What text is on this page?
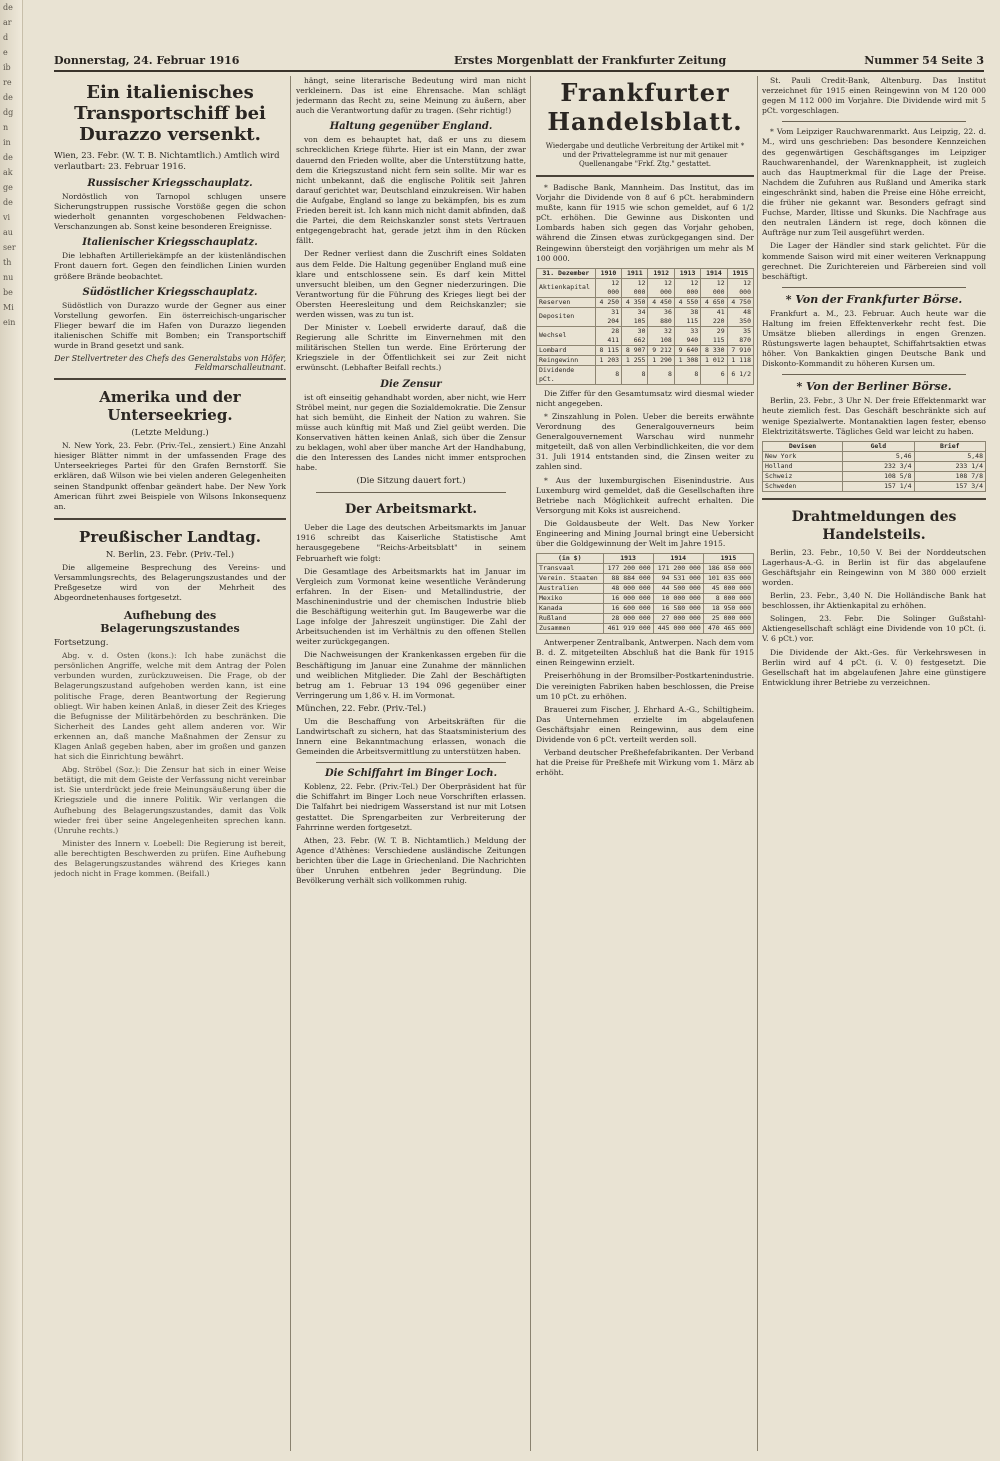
de
ar
d
e
ib
re
de
dg
n
in
de
ak
ge
de
vi
au
ser
th
nu
be
Mi
ein
Donnerstag, 24. Februar 1916	Erstes Morgenblatt der Frankfurter Zeitung	Nummer 54 Seite 3
Ein italienisches Transportschiff bei Durazzo versenkt.
Wien, 23. Febr. (W. T. B. Nichtamtlich.) Amtlich wird verlautbart: 23. Februar 1916.
Russischer Kriegsschauplatz.

Nordöstlich von Tarnopol schlugen unsere Sicherungstruppen russische Vorstöße gegen die schon wiederholt genannten vorgeschobenen Feldwachen-Verschanzungen ab. Sonst keine besonderen Ereignisse.

Italienischer Kriegsschauplatz.

Die lebhaften Artilleriekämpfe an der küstenländischen Front dauern fort. Gegen den feindlichen Linien wurden größere Brände beobachtet.

Südöstlicher Kriegsschauplatz.

Südöstlich von Durazzo wurde der Gegner aus einer Vorstellung geworfen. Ein österreichisch-ungarischer Flieger bewarf die im Hafen von Durazzo liegenden italienischen Schiffe mit Bomben; ein Transportschiff wurde in Brand gesetzt und sank.

Der Stellvertreter des Chefs des Generalstabs von Höfer, Feldmarschalleutnant.
Amerika und der Unterseekrieg.
(Letzte Meldung.)

N. New York, 23. Febr. (Priv.-Tel., zensiert.) Eine Anzahl hiesiger Blätter nimmt in der umfassenden Frage des Unterseekrieges Partei für den Grafen Bernstorff. Sie erklären, daß Wilson wie bei vielen anderen Gelegenheiten seinen Standpunkt offenbar geändert habe. Der New York American führt zwei Beispiele von Wilsons Inkonsequenz an.

Preußischer Landtag.
N. Berlin, 23. Febr. (Priv.-Tel.)

Die allgemeine Besprechung des Vereins- und Versammlungsrechts, des Belagerungszustandes und der Preßgesetze wird von der Mehrheit des Abgeordnetenhauses fortgesetzt.

Aufhebung des Belagerungszustandes
Fortsetzung.

Abg. v. d. Osten (kons.): Ich habe zunächst die persönlichen Angriffe, welche mit dem Antrag der Polen verbunden wurden, zurückzuweisen. Die Frage, ob der Belagerungszustand aufgehoben werden kann, ist eine politische Frage, deren Beantwortung der Regierung obliegt. Wir haben keinen Anlaß, in dieser Zeit des Krieges die Befugnisse der Militärbehörden zu beschränken. Die Sicherheit des Landes geht allem anderen vor. Wir erkennen an, daß manche Maßnahmen der Zensur zu Klagen Anlaß gegeben haben, aber im großen und ganzen hat sich die Einrichtung bewährt.

Abg. Ströbel (Soz.): Die Zensur hat sich in einer Weise betätigt, die mit dem Geiste der Verfassung nicht vereinbar ist. Sie unterdrückt jede freie Meinungsäußerung über die Kriegsziele und die innere Politik. Wir verlangen die Aufhebung des Belagerungszustandes, damit das Volk wieder frei über seine Angelegenheiten sprechen kann. (Unruhe rechts.)

Minister des Innern v. Loebell: Die Regierung ist bereit, alle berechtigten Beschwerden zu prüfen. Eine Aufhebung des Belagerungszustandes während des Krieges kann jedoch nicht in Frage kommen. (Beifall.)

hängt, seine literarische Bedeutung wird man nicht verkleinern. Das ist eine Ehrensache. Man schlägt jedermann das Recht zu, seine Meinung zu äußern, aber auch die Verantwortung dafür zu tragen. (Sehr richtig!)

Haltung gegenüber England.

von dem es behauptet hat, daß er uns zu diesem schrecklichen Kriege führte. Hier ist ein Mann, der zwar dauernd den Frieden wollte, aber die Unterstützung hatte, dem die Kriegszustand nicht fern sein sollte. Mir war es nicht unbekannt, daß die englische Politik seit Jahren darauf gerichtet war, Deutschland einzukreisen. Wir haben die Aufgabe, England so lange zu bekämpfen, bis es zum Frieden bereit ist. Ich kann mich nicht damit abfinden, daß die Partei, die dem Reichskanzler sonst stets Vertrauen entgegengebracht hat, gerade jetzt ihm in den Rücken fällt.

Der Redner verliest dann die Zuschrift eines Soldaten aus dem Felde. Die Haltung gegenüber England muß eine klare und entschlossene sein. Es darf kein Mittel unversucht bleiben, um den Gegner niederzuringen. Die Verantwortung für die Führung des Krieges liegt bei der Obersten Heeresleitung und dem Reichskanzler; sie werden wissen, was zu tun ist.

Der Minister v. Loebell erwiderte darauf, daß die Regierung alle Schritte im Einvernehmen mit den militärischen Stellen tun werde. Eine Erörterung der Kriegsziele in der Öffentlichkeit sei zur Zeit nicht erwünscht. (Lebhafter Beifall rechts.)

Die Zensur

ist oft einseitig gehandhabt worden, aber nicht, wie Herr Ströbel meint, nur gegen die Sozialdemokratie. Die Zensur hat sich bemüht, die Einheit der Nation zu wahren. Sie müsse auch künftig mit Maß und Ziel geübt werden. Die Konservativen hätten keinen Anlaß, sich über die Zensur zu beklagen, wohl aber über manche Art der Handhabung, die den Interessen des Landes nicht immer entsprochen habe.

(Die Sitzung dauert fort.)
Der Arbeitsmarkt.

Ueber die Lage des deutschen Arbeitsmarkts im Januar 1916 schreibt das Kaiserliche Statistische Amt herausgegebene "Reichs-Arbeitsblatt" in seinem Februarheft wie folgt:

Die Gesamtlage des Arbeitsmarkts hat im Januar im Vergleich zum Vormonat keine wesentliche Veränderung erfahren. In der Eisen- und Metallindustrie, der Maschinenindustrie und der chemischen Industrie blieb die Beschäftigung weiterhin gut. Im Baugewerbe war die Lage infolge der Jahreszeit ungünstiger. Die Zahl der Arbeitsuchenden ist im Verhältnis zu den offenen Stellen weiter zurückgegangen.

Die Nachweisungen der Krankenkassen ergeben für die Beschäftigung im Januar eine Zunahme der männlichen und weiblichen Mitglieder. Die Zahl der Beschäftigten betrug am 1. Februar 13 194 096 gegenüber einer Verringerung um 1,86 v. H. im Vormonat.

München, 22. Febr. (Priv.-Tel.)

Um die Beschaffung von Arbeitskräften für die Landwirtschaft zu sichern, hat das Staatsministerium des Innern eine Bekanntmachung erlassen, wonach die Gemeinden die Arbeitsvermittlung zu unterstützen haben.

Die Schiffahrt im Binger Loch.

Koblenz, 22. Febr. (Priv.-Tel.) Der Oberpräsident hat für die Schiffahrt im Binger Loch neue Vorschriften erlassen. Die Talfahrt bei niedrigem Wasserstand ist nur mit Lotsen gestattet. Die Sprengarbeiten zur Verbreiterung der Fahrrinne werden fortgesetzt.

Athen, 23. Febr. (W. T. B. Nichtamtlich.) Meldung der Agence d'Athènes: Verschiedene ausländische Zeitungen berichten über die Lage in Griechenland. Die Nachrichten über Unruhen entbehren jeder Begründung. Die Bevölkerung verhält sich vollkommen ruhig.

Frankfurter Handelsblatt.
Wiedergabe und deutliche Verbreitung der Artikel mit * und der Privattelegramme ist nur mit genauer Quellenangabe "Frkf. Ztg." gestattet.

* Badische Bank, Mannheim. Das Institut, das im Vorjahr die Dividende von 8 auf 6 pCt. herabmindern mußte, kann für 1915 wie schon gemeldet, auf 6 1/2 pCt. erhöhen. Die Gewinne aus Diskonten und Lombards haben sich gegen das Vorjahr gehoben, während die Zinsen etwas zurückgegangen sind. Der Reingewinn übersteigt den vorjährigen um mehr als M 100 000.

31. Dezember	1910	1911	1912	1913	1914	1915
Aktienkapital	12 000	12 000	12 000	12 000	12 000	12 000
Reserven	4 250	4 350	4 450	4 550	4 650	4 750
Depositen	31 204	34 105	36 880	38 115	41 220	48 350
Wechsel	28 411	30 662	32 108	33 940	29 115	35 870
Lombard	8 115	8 907	9 212	9 640	8 330	7 910
Reingewinn	1 203	1 255	1 290	1 308	1 012	1 118
Dividende pCt.	8	8	8	8	6	6 1/2

Die Ziffer für den Gesamtumsatz wird diesmal wieder nicht angegeben.

* Zinszahlung in Polen. Ueber die bereits erwähnte Verordnung des Generalgouverneurs beim Generalgouvernement Warschau wird nunmehr mitgeteilt, daß von allen Verbindlichkeiten, die vor dem 31. Juli 1914 entstanden sind, die Zinsen weiter zu zahlen sind.

* Aus der luxemburgischen Eisenindustrie. Aus Luxemburg wird gemeldet, daß die Gesellschaften ihre Betriebe nach Möglichkeit aufrecht erhalten. Die Versorgung mit Koks ist ausreichend.

Die Goldausbeute der Welt. Das New Yorker Engineering and Mining Journal bringt eine Uebersicht über die Goldgewinnung der Welt im Jahre 1915.

(in $)	1913	1914	1915
Transvaal	177 200 000	171 200 000	186 850 000
Verein. Staaten	88 884 000	94 531 000	101 035 000
Australien	48 000 000	44 500 000	45 000 000
Mexiko	16 000 000	10 000 000	8 000 000
Kanada	16 600 000	16 580 000	18 950 000
Rußland	28 000 000	27 000 000	25 000 000
Zusammen	461 919 000	445 000 000	470 465 000

Antwerpener Zentralbank, Antwerpen. Nach dem vom B. d. Z. mitgeteilten Abschluß hat die Bank für 1915 einen Reingewinn erzielt.

Preiserhöhung in der Bromsilber-Postkartenindustrie. Die vereinigten Fabriken haben beschlossen, die Preise um 10 pCt. zu erhöhen.

Brauerei zum Fischer, J. Ehrhard A.-G., Schiltigheim. Das Unternehmen erzielte im abgelaufenen Geschäftsjahr einen Reingewinn, aus dem eine Dividende von 6 pCt. verteilt werden soll.

Verband deutscher Preßhefefabrikanten. Der Verband hat die Preise für Preßhefe mit Wirkung vom 1. März ab erhöht.

St. Pauli Credit-Bank, Altenburg. Das Institut verzeichnet für 1915 einen Reingewinn von M 120 000 gegen M 112 000 im Vorjahre. Die Dividende wird mit 5 pCt. vorgeschlagen.

* Vom Leipziger Rauchwarenmarkt. Aus Leipzig, 22. d. M., wird uns geschrieben: Das besondere Kennzeichen des gegenwärtigen Geschäftsganges im Leipziger Rauchwarenhandel, der Warenknappheit, ist zugleich auch das Hauptmerkmal für die Lage der Preise. Nachdem die Zufuhren aus Rußland und Amerika stark eingeschränkt sind, haben die Preise eine Höhe erreicht, die früher nie gekannt war. Besonders gefragt sind Fuchse, Marder, Iltisse und Skunks. Die Nachfrage aus den neutralen Ländern ist rege, doch können die Aufträge nur zum Teil ausgeführt werden.

Die Lager der Händler sind stark gelichtet. Für die kommende Saison wird mit einer weiteren Verknappung gerechnet. Die Zurichtereien und Färbereien sind voll beschäftigt.

* Von der Frankfurter Börse.

Frankfurt a. M., 23. Februar. Auch heute war die Haltung im freien Effektenverkehr recht fest. Die Umsätze blieben allerdings in engen Grenzen. Rüstungswerte lagen behauptet, Schiffahrtsaktien etwas höher. Von Bankaktien gingen Deutsche Bank und Diskonto-Kommandit zu höheren Kursen um.

* Von der Berliner Börse.

Berlin, 23. Febr., 3 Uhr N. Der freie Effektenmarkt war heute ziemlich fest. Das Geschäft beschränkte sich auf wenige Spezialwerte. Montanaktien lagen fester, ebenso Elektrizitätswerte. Tägliches Geld war leicht zu haben.

Devisen	Geld	Brief
New York	5,46	5,48
Holland	232 3/4	233 1/4
Schweiz	108 5/8	108 7/8
Schweden	157 1/4	157 3/4
Drahtmeldungen des Handelsteils.

Berlin, 23. Febr., 10,50 V. Bei der Norddeutschen Lagerhaus-A.-G. in Berlin ist für das abgelaufene Geschäftsjahr ein Reingewinn von M 380 000 erzielt worden.

Berlin, 23. Febr., 3,40 N. Die Holländische Bank hat beschlossen, ihr Aktienkapital zu erhöhen.

Solingen, 23. Febr. Die Solinger Gußstahl-Aktiengesellschaft schlägt eine Dividende von 10 pCt. (i. V. 6 pCt.) vor.

Die Dividende der Akt.-Ges. für Verkehrswesen in Berlin wird auf 4 pCt. (i. V. 0) festgesetzt. Die Gesellschaft hat im abgelaufenen Jahre eine günstigere Entwicklung ihrer Betriebe zu verzeichnen.
